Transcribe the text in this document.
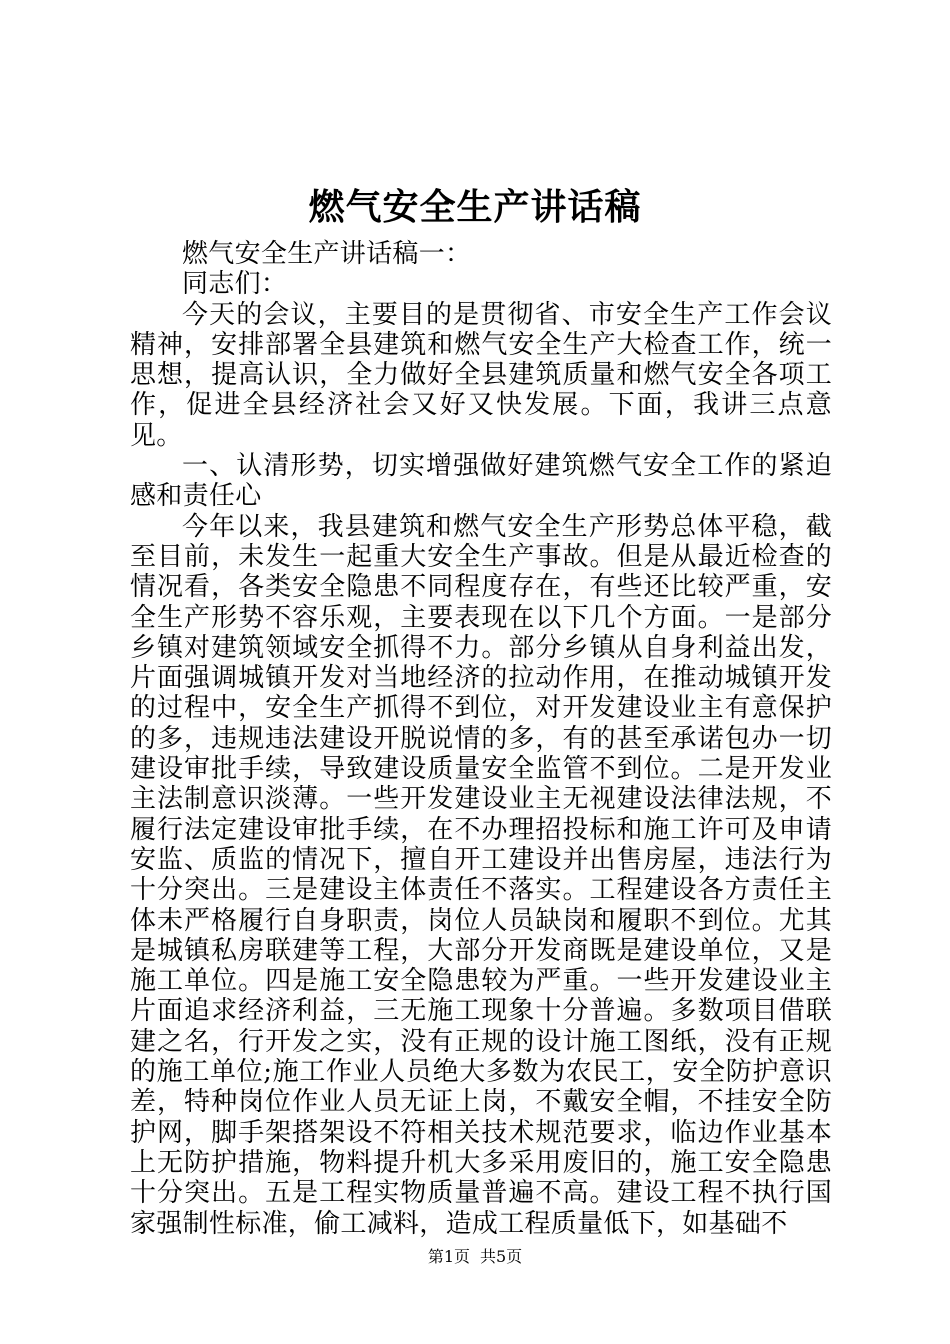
燃气安全生产讲话稿

燃气安全生产讲话稿一：

同志们：

今天的会议，主要目的是贯彻省、市安全生产工作会议精神，安排部署全县建筑和燃气安全生产大检查工作，统一思想，提高认识，全力做好全县建筑质量和燃气安全各项工作，促进全县经济社会又好又快发展。下面，我讲三点意见。

一、认清形势，切实增强做好建筑燃气安全工作的紧迫感和责任心

今年以来，我县建筑和燃气安全生产形势总体平稳，截至目前，未发生一起重大安全生产事故。但是从最近检查的情况看，各类安全隐患不同程度存在，有些还比较严重，安全生产形势不容乐观，主要表现在以下几个方面。一是部分乡镇对建筑领域安全抓得不力。部分乡镇从自身利益出发，片面强调城镇开发对当地经济的拉动作用，在推动城镇开发的过程中，安全生产抓得不到位，对开发建设业主有意保护的多，违规违法建设开脱说情的多，有的甚至承诺包办一切建设审批手续，导致建设质量安全监管不到位。二是开发业主法制意识淡薄。一些开发建设业主无视建设法律法规，不履行法定建设审批手续，在不办理招投标和施工许可及申请安监、质监的情况下，擅自开工建设并出售房屋，违法行为十分突出。三是建设主体责任不落实。工程建设各方责任主体未严格履行自身职责，岗位人员缺岗和履职不到位。尤其是城镇私房联建等工程，大部分开发商既是建设单位，又是施工单位。四是施工安全隐患较为严重。一些开发建设业主片面追求经济利益，三无施工现象十分普遍。多数项目借联建之名，行开发之实，没有正规的设计施工图纸，没有正规的施工单位;施工作业人员绝大多数为农民工，安全防护意识差，特种岗位作业人员无证上岗，不戴安全帽，不挂安全防护网，脚手架搭架设不符相关技术规范要求，临边作业基本上无防护措施，物料提升机大多采用废旧的，施工安全隐患十分突出。五是工程实物质量普遍不高。建设工程不执行国家强制性标准，偷工减料，造成工程质量低下，如基础不

第1页 共5页
